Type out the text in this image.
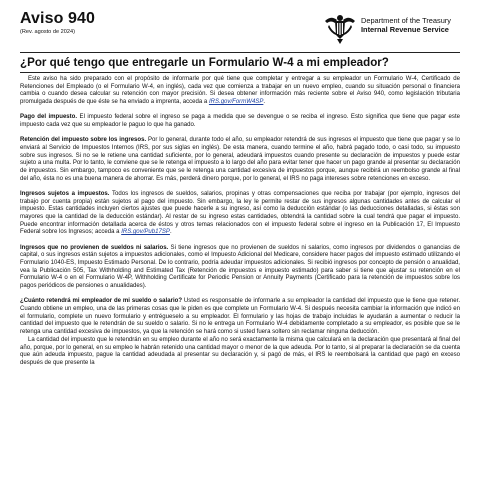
Aviso 940
(Rev. agosto de 2024)
Department of the Treasury
Internal Revenue Service
¿Por qué tengo que entregarle un Formulario W-4 a mi empleador?

Este aviso ha sido preparado con el propósito de informarle por qué tiene que completar y entregar a su empleador un Formulario W-4, Certificado de Retenciones del Empleado (o el Formulario W-4, en inglés), cada vez que comienza a trabajar en un nuevo empleo, cuando su situación personal o financiera cambia o cuando desea calcular su retención con mayor precisión. Si desea obtener información más reciente sobre el Aviso 940, como legislación tributaria promulgada después de que éste se ha enviado a imprenta, acceda a IRS.gov/FormW4SP.

Pago del impuesto. El impuesto federal sobre el ingreso se paga a medida que se devengue o se reciba el ingreso. Esto significa que tiene que pagar este impuesto cada vez que su empleador le paguo lo que ha ganado.

Retención del impuesto sobre los ingresos. Por lo general, durante todo el año, su empleador retendrá de sus ingresos el impuesto que tiene que pagar y se lo enviará al Servicio de Impuestos Internos (IRS, por sus siglas en inglés). De esta manera, cuando termine el año, habrá pagado todo, o casi todo, su impuesto sobre sus ingresos. Si no se le retiene una cantidad suficiente, por lo general, adeudará impuestos cuando presente su declaración de impuestos y puede estar sujeto a una multa. Por lo tanto, le conviene que se le retenga el impuesto a lo largo del año para evitar tener que hacer un pago grande al presentar su declaración de impuestos. Sin embargo, tampoco es conveniente que se le retenga una cantidad excesiva de impuestos porque, aunque recibirá un reembolso grande al final del año, ésta no es una buena manera de ahorrar. Es más, perderá dinero porque, por lo general, el IRS no paga intereses sobre retenciones en exceso.

Ingresos sujetos a impuestos. Todos los ingresos de sueldos, salarios, propinas y otras compensaciones que reciba por trabajar (por ejemplo, ingresos del trabajo por cuenta propia) están sujetos al pago del impuesto. Sin embargo, la ley le permite restar de sus ingresos algunas cantidades antes de calcular el impuesto. Estas cantidades incluyen ciertos ajustes que puede hacerle a su ingreso, así como la deducción estándar (o las deducciones detalladas, si éstas son mayores que la cantidad de la deducción estándar). Al restar de su ingreso estas cantidades, obtendrá la cantidad sobre la cual tendrá que pagar el impuesto. Puede encontrar información detallada acerca de éstos y otros temas relacionados con el impuesto federal sobre el ingreso en la Publicación 17, El Impuesto Federal sobre los Ingresos; acceda a IRS.gov/Pub17SP.

Ingresos que no provienen de sueldos ni salarios. Si tiene ingresos que no provienen de sueldos ni salarios, como ingresos por dividendos o ganancias de capital, o sus ingresos están sujetos a impuestos adicionales, como el Impuesto Adicional del Medicare, considere hacer pagos del impuesto estimado utilizando el Formulario 1040-ES, Impuesto Estimado Personal. De lo contrario, podría adeudar impuestos adicionales. Si recibió ingresos por concepto de pensión o anualidad, vea la Publicación 505, Tax Withholding and Estimated Tax (Retención de impuestos e impuesto estimado) para saber si tiene que ajustar su retención en el Formulario W-4 o en el Formulario W-4P, Withholding Certificate for Periodic Pension or Annuity Payments (Certificado para la retención de impuestos sobre los pagos periódicos de pensiones o anualidades).

¿Cuánto retendrá mi empleador de mi sueldo o salario? Usted es responsable de informarle a su empleador la cantidad del impuesto que le tiene que retener. Cuando obtiene un empleo, una de las primeras cosas que le piden es que complete un Formulario W-4. Si después necesita cambiar la información que indicó en el formulario, complete un nuevo formulario y entrégueselo a su empleador. El formulario y las hojas de trabajo incluidas le ayudarán a aumentar o reducir la cantidad del impuesto que le retendrán de su sueldo o salario. Si no le entrega un Formulario W-4 debidamente completado a su empleador, es posible que se le retenga una cantidad excesiva de impuestos, ya que la retención se hará como si usted fuera soltero sin reclamar ninguna deducción.

La cantidad del impuesto que le retendrán en su empleo durante el año no será exactamente la misma que calculará en la declaración que presentará al final del año, porque, por lo general, en su empleo le habrán retenido una cantidad mayor o menor de la que adeuda. Por lo tanto, si al preparar la declaración se da cuenta que aún adeuda impuesto, pague la cantidad adeudada al presentar su declaración y, si pagó de más, el IRS le reembolsará la cantidad que pagó en exceso después de que presente la
